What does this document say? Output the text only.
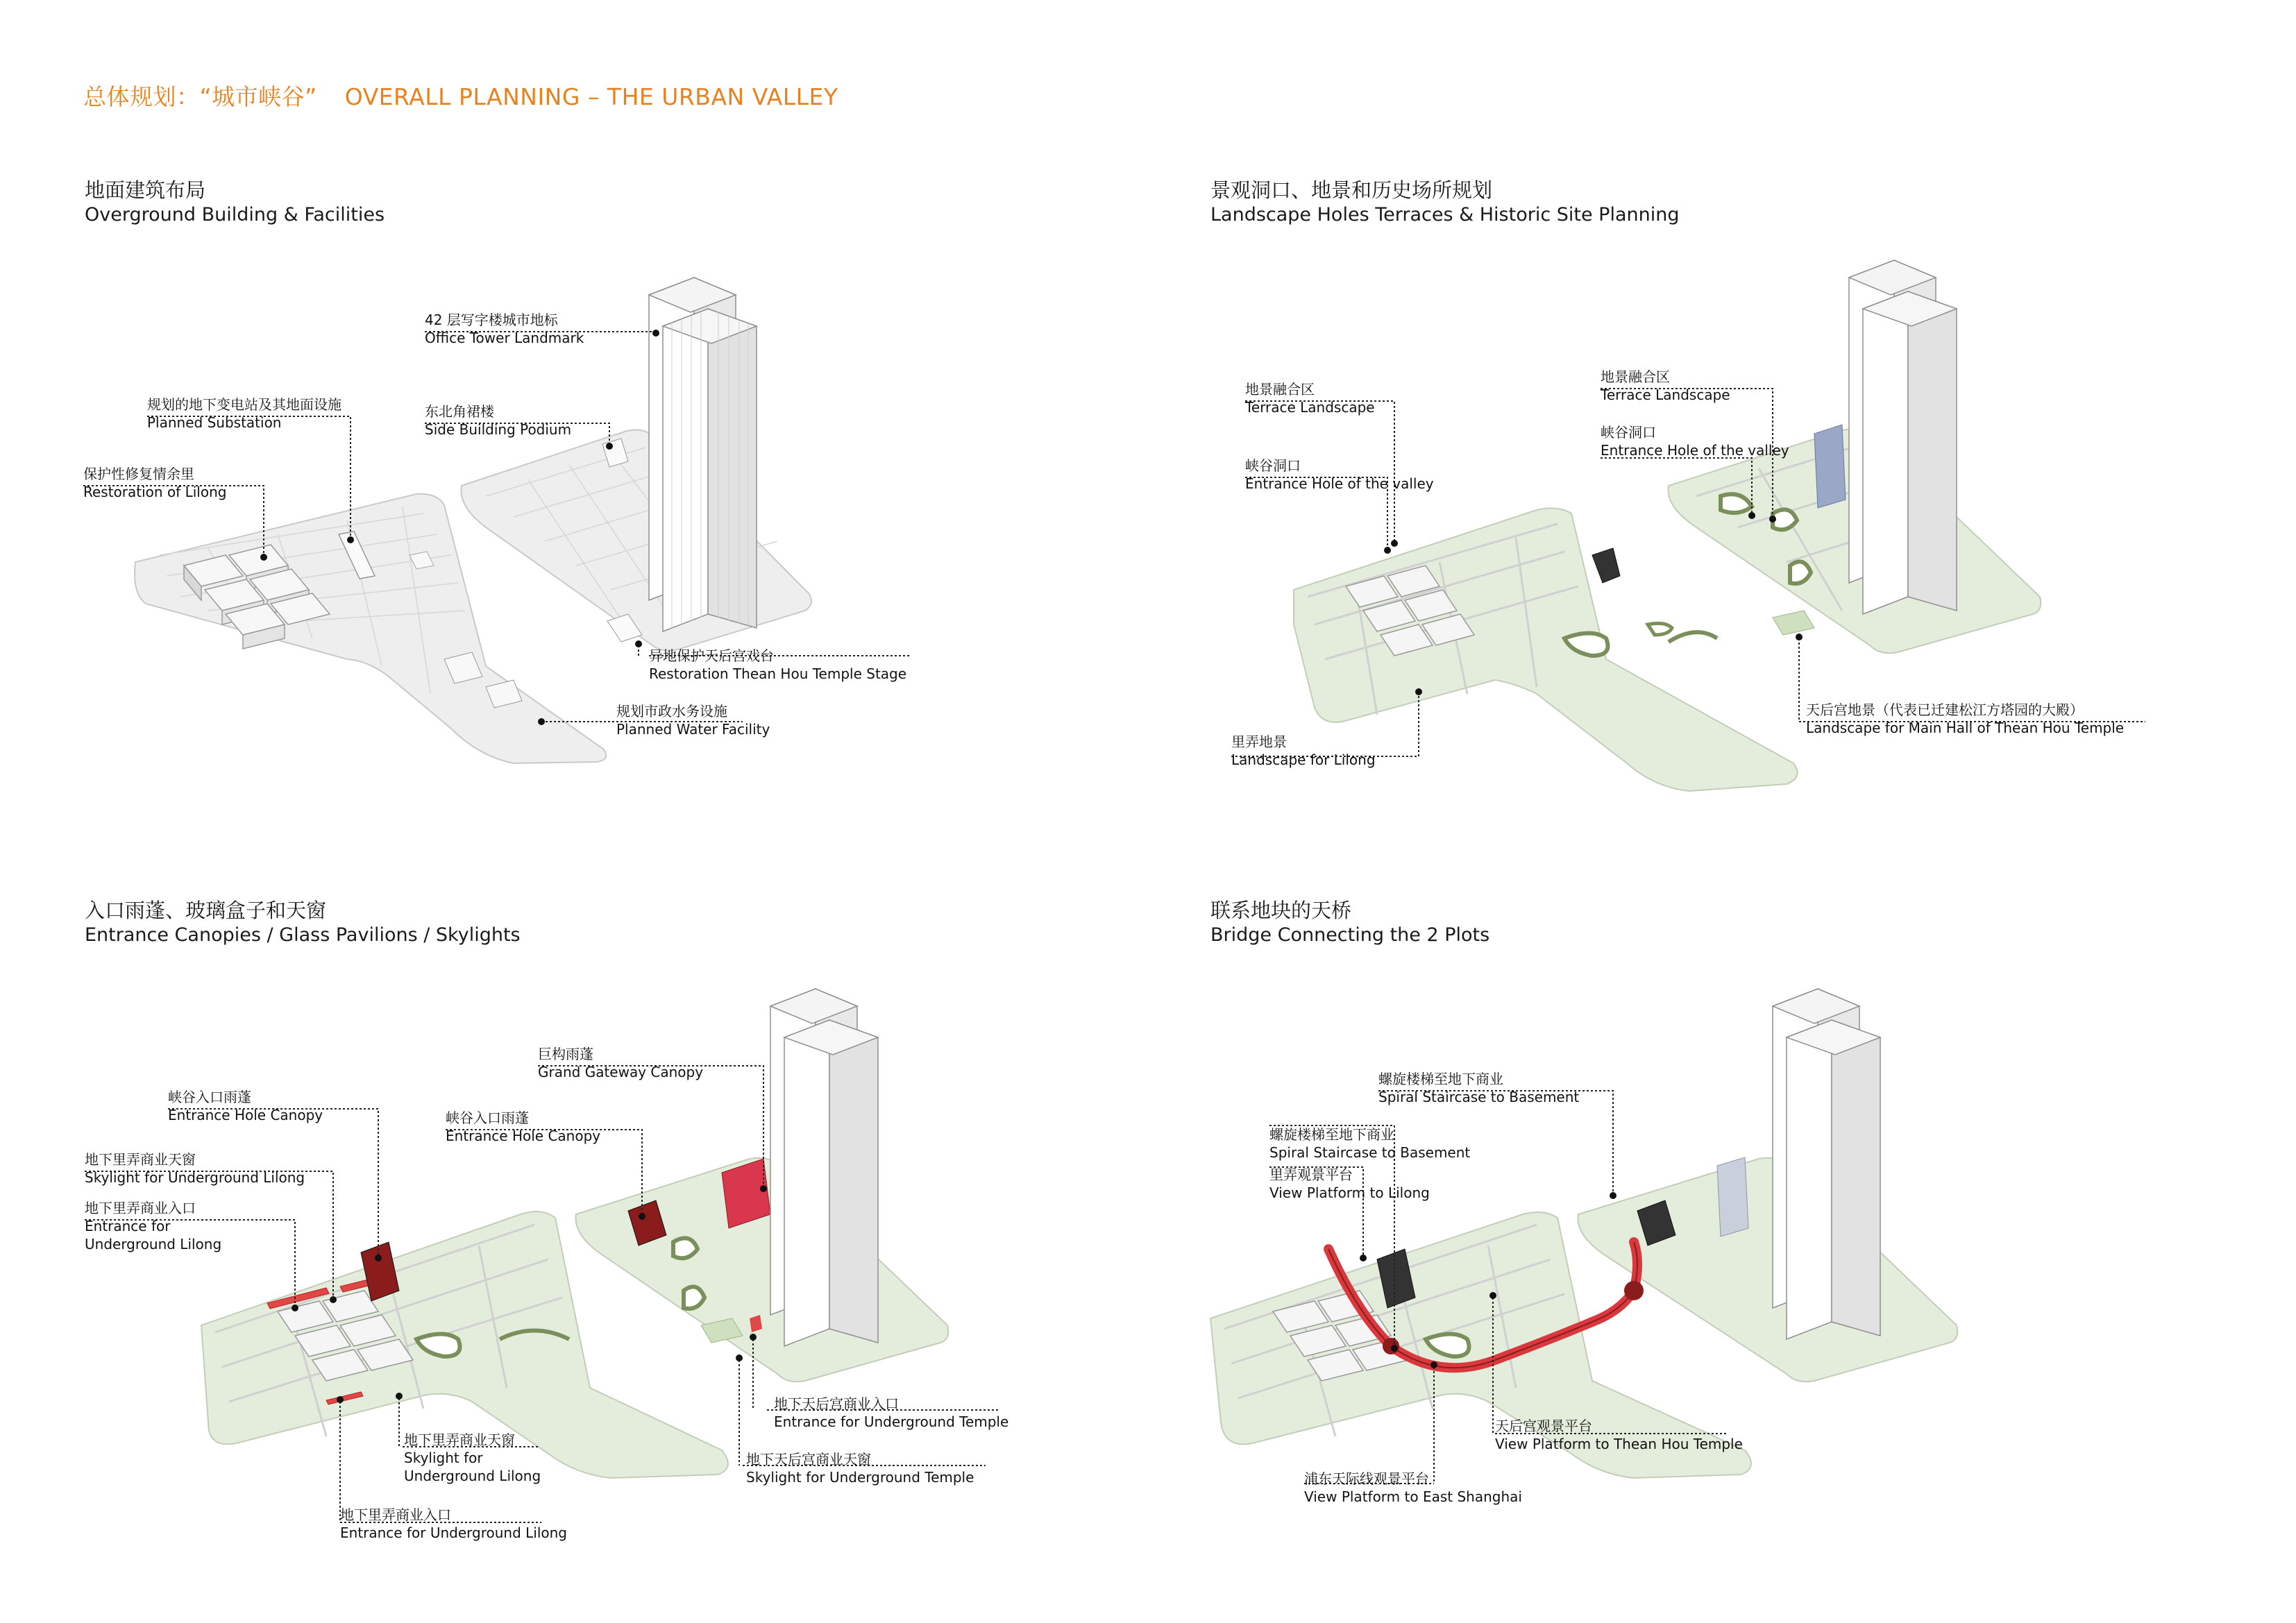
总体规划：“城市峡谷” OVERALL PLANNING – THE URBAN VALLEY
地面建筑布局
Overground Building & Facilities
42 层写字楼城市地标
Office Tower Landmark
规划的地下变电站及其地面设施
Planned Substation
东北角裙楼
Side Building Podium
保护性修复情余里
Restoration of Lilong
异地保护天后宫戏台
Restoration Thean Hou Temple Stage
规划市政水务设施
Planned Water Facility
景观洞口、地景和历史场所规划
Landscape Holes Terraces & Historic Site Planning
地景融合区
Terrace Landscape
地景融合区
Terrace Landscape
峡谷洞口
Entrance Hole of the valley
峡谷洞口
Entrance Hole of the valley
里弄地景
Landscape for Lilong
天后宫地景（代表已迁建松江方塔园的大殿）
Landscape for Main Hall of Thean Hou Temple
入口雨蓬、玻璃盒子和天窗
Entrance Canopies / Glass Pavilions / Skylights
巨构雨蓬
Grand Gateway Canopy
峡谷入口雨蓬
Entrance Hole Canopy	峡谷入口雨蓬
Entrance Hole Canopy
地下里弄商业天窗
Skylight for Underground Lilong
地下里弄商业入口
Entrance for
Underground Lilong
地下天后宫商业入口
Entrance for Underground Temple
地下里弄商业天窗
Skylight for
Underground Lilong
地下天后宫商业天窗
Skylight for Underground Temple
地下里弄商业入口
Entrance for Underground Lilong
联系地块的天桥
Bridge Connecting the 2 Plots
螺旋楼梯至地下商业
Spiral Staircase to Basement
螺旋楼梯至地下商业
Spiral Staircase to Basement
里弄观景平台
View Platform to Lilong
天后宫观景平台
View Platform to Thean Hou Temple
浦东天际线观景平台
View Platform to East Shanghai
